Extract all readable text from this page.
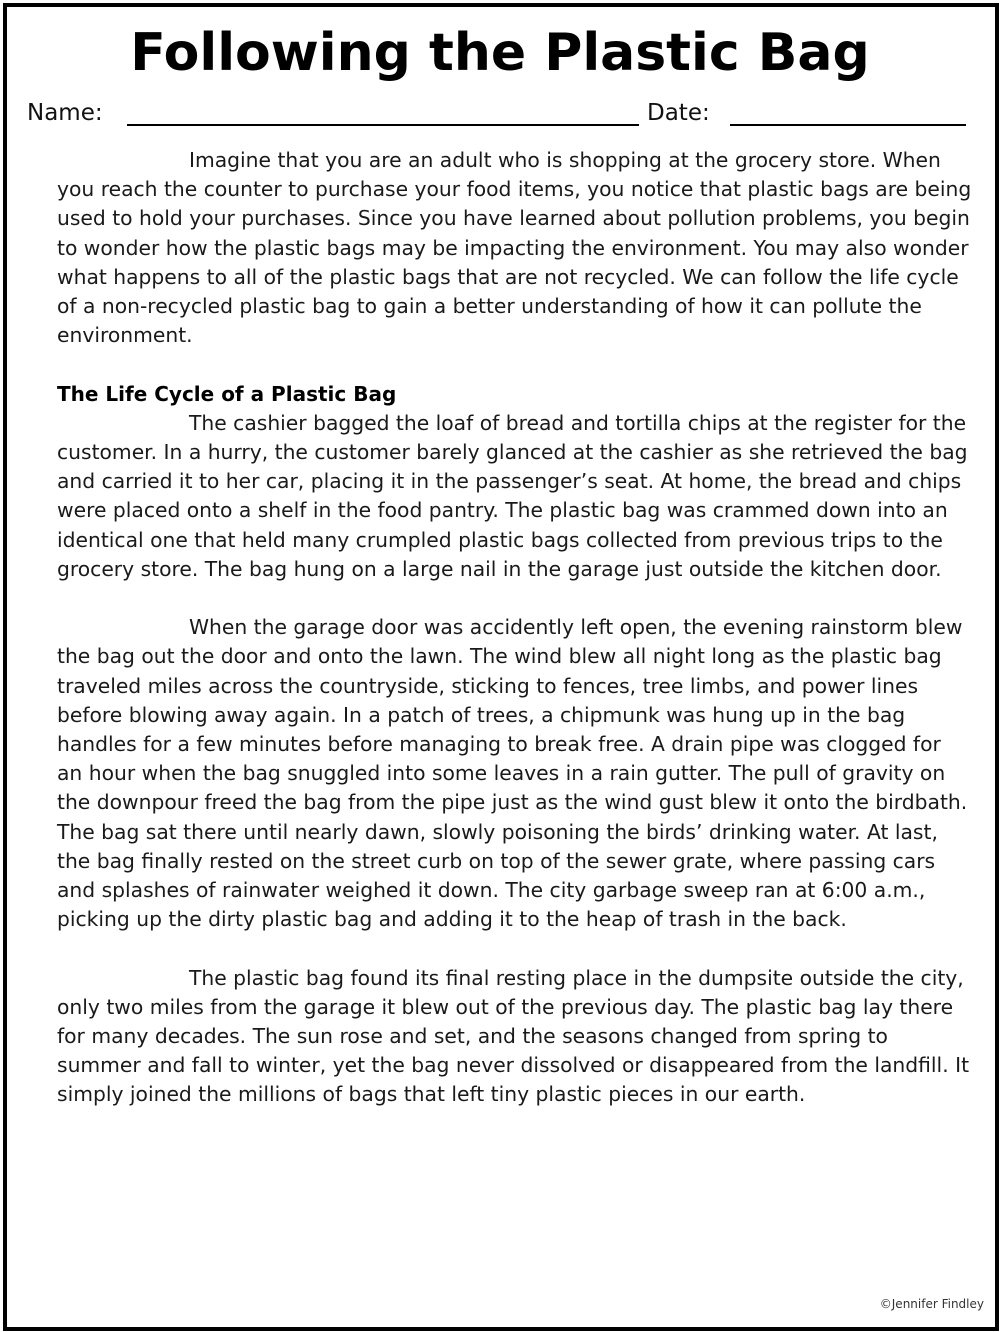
Following the Plastic Bag
Name:	Date:

Imagine that you are an adult who is shopping at the grocery store. When you reach the counter to purchase your food items, you notice that plastic bags are being used to hold your purchases. Since you have learned about pollution problems, you begin to wonder how the plastic bags may be impacting the environment. You may also wonder what happens to all of the plastic bags that are not recycled. We can follow the life cycle of a non-recycled plastic bag to gain a better understanding of how it can pollute the environment.

The Life Cycle of a Plastic Bag

The cashier bagged the loaf of bread and tortilla chips at the register for the customer. In a hurry, the customer barely glanced at the cashier as she retrieved the bag and carried it to her car, placing it in the passenger’s seat. At home, the bread and chips were placed onto a shelf in the food pantry. The plastic bag was crammed down into an identical one that held many crumpled plastic bags collected from previous trips to the grocery store. The bag hung on a large nail in the garage just outside the kitchen door.

When the garage door was accidently left open, the evening rainstorm blew the bag out the door and onto the lawn. The wind blew all night long as the plastic bag traveled miles across the countryside, sticking to fences, tree limbs, and power lines before blowing away again. In a patch of trees, a chipmunk was hung up in the bag handles for a few minutes before managing to break free. A drain pipe was clogged for an hour when the bag snuggled into some leaves in a rain gutter. The pull of gravity on the downpour freed the bag from the pipe just as the wind gust blew it onto the birdbath. The bag sat there until nearly dawn, slowly poisoning the birds’ drinking water. At last, the bag finally rested on the street curb on top of the sewer grate, where passing cars and splashes of rainwater weighed it down. The city garbage sweep ran at 6:00 a.m., picking up the dirty plastic bag and adding it to the heap of trash in the back.

The plastic bag found its final resting place in the dumpsite outside the city, only two miles from the garage it blew out of the previous day. The plastic bag lay there for many decades. The sun rose and set, and the seasons changed from spring to summer and fall to winter, yet the bag never dissolved or disappeared from the landfill. It simply joined the millions of bags that left tiny plastic pieces in our earth.

©Jennifer Findley
